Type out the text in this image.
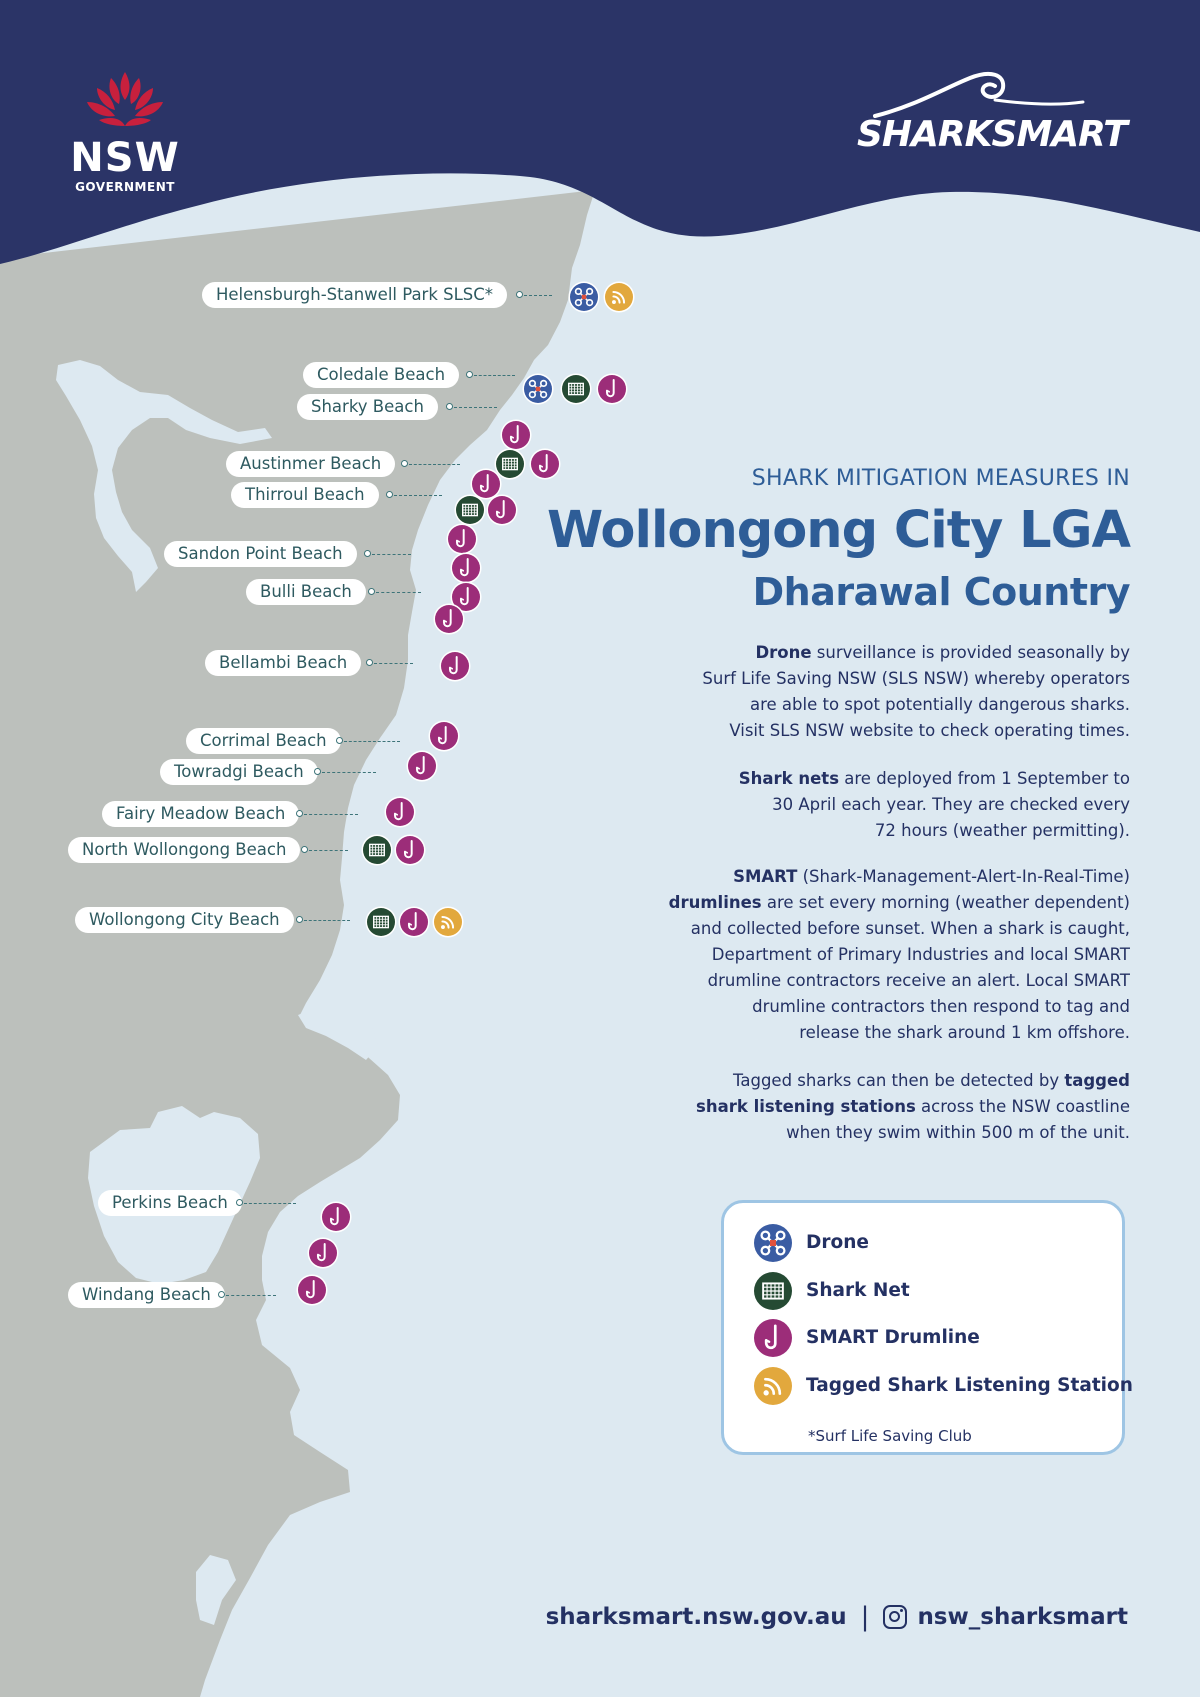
NSW
GOVERNMENT
SHARKSMART
Helensburgh-Stanwell Park SLSC*
Coledale Beach
Sharky Beach
Austinmer Beach
Thirroul Beach
Sandon Point Beach
Bulli Beach
Bellambi Beach
Corrimal Beach
Towradgi Beach
Fairy Meadow Beach
North Wollongong Beach
Wollongong City Beach
Perkins Beach
Windang Beach
SHARK MITIGATION MEASURES IN
Wollongong City LGA
Dharawal Country
Drone surveillance is provided seasonally by
Surf Life Saving NSW (SLS NSW) whereby operators
are able to spot potentially dangerous sharks.
Visit SLS NSW website to check operating times.
Shark nets are deployed from 1 September to
30 April each year. They are checked every
72 hours (weather permitting).
SMART (Shark-Management-Alert-In-Real-Time)
drumlines are set every morning (weather dependent)
and collected before sunset. When a shark is caught,
Department of Primary Industries and local SMART
drumline contractors receive an alert. Local SMART
drumline contractors then respond to tag and
release the shark around 1 km offshore.
Tagged sharks can then be detected by tagged
shark listening stations across the NSW coastline
when they swim within 500 m of the unit.
Drone
Shark Net
SMART Drumline
Tagged Shark Listening Station
*Surf Life Saving Club
sharksmart.nsw.gov.au | nsw_sharksmart
